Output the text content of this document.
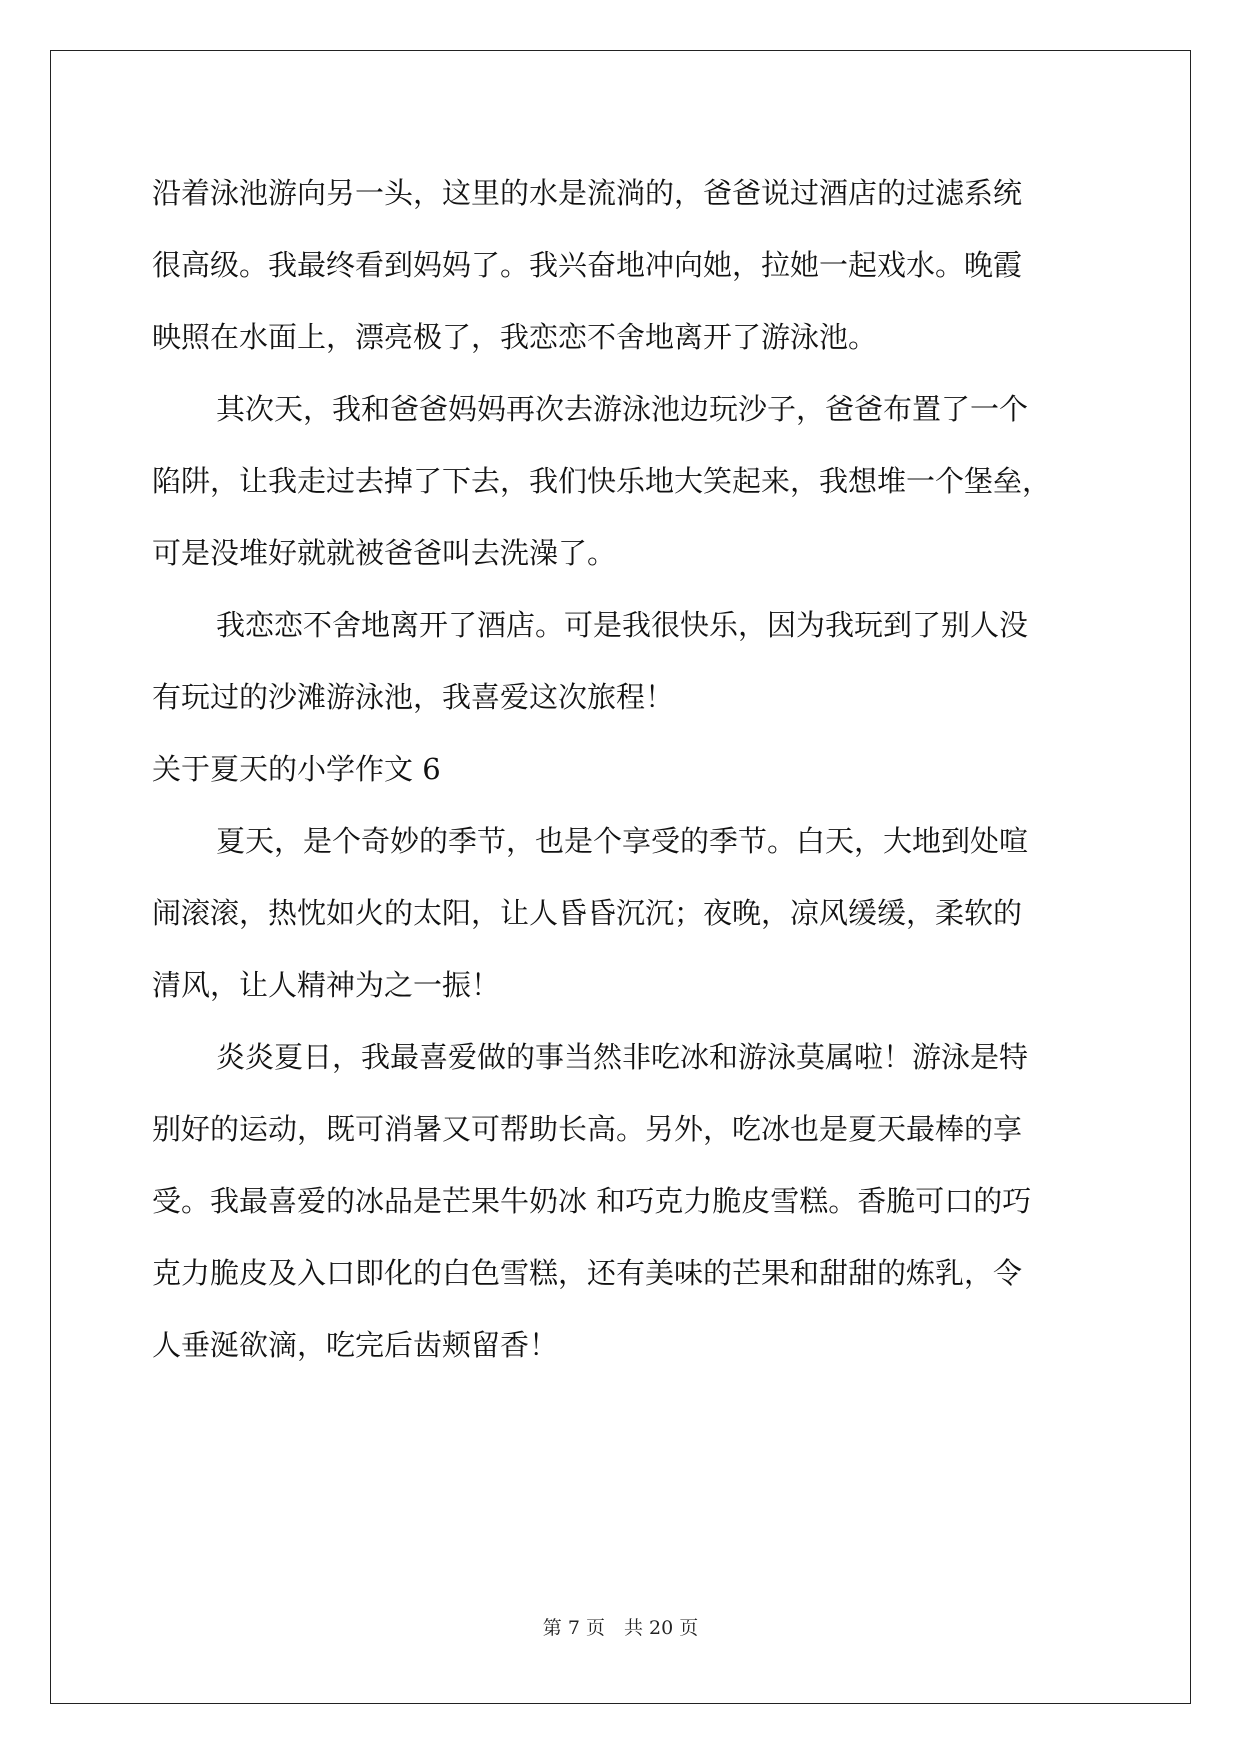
沿着泳池游向另一头，这里的水是流淌的，爸爸说过酒店的过滤系统
很高级。我最终看到妈妈了。我兴奋地冲向她，拉她一起戏水。晚霞
映照在水面上，漂亮极了，我恋恋不舍地离开了游泳池。
其次天，我和爸爸妈妈再次去游泳池边玩沙子，爸爸布置了一个
陷阱，让我走过去掉了下去，我们快乐地大笑起来，我想堆一个堡垒，
可是没堆好就就被爸爸叫去洗澡了。
我恋恋不舍地离开了酒店。可是我很快乐，因为我玩到了别人没
有玩过的沙滩游泳池，我喜爱这次旅程！
关于夏天的小学作文 6
夏天，是个奇妙的季节，也是个享受的季节。白天，大地到处喧
闹滚滚，热忱如火的太阳，让人昏昏沉沉；夜晚，凉风缓缓，柔软的
清风，让人精神为之一振！
炎炎夏日，我最喜爱做的事当然非吃冰和游泳莫属啦！游泳是特
别好的运动，既可消暑又可帮助长高。另外，吃冰也是夏天最棒的享
受。我最喜爱的冰品是芒果牛奶冰 和巧克力脆皮雪糕。香脆可口的巧
克力脆皮及入口即化的白色雪糕，还有美味的芒果和甜甜的炼乳，令
人垂涎欲滴，吃完后齿颊留香！
第 7 页　共 20 页
